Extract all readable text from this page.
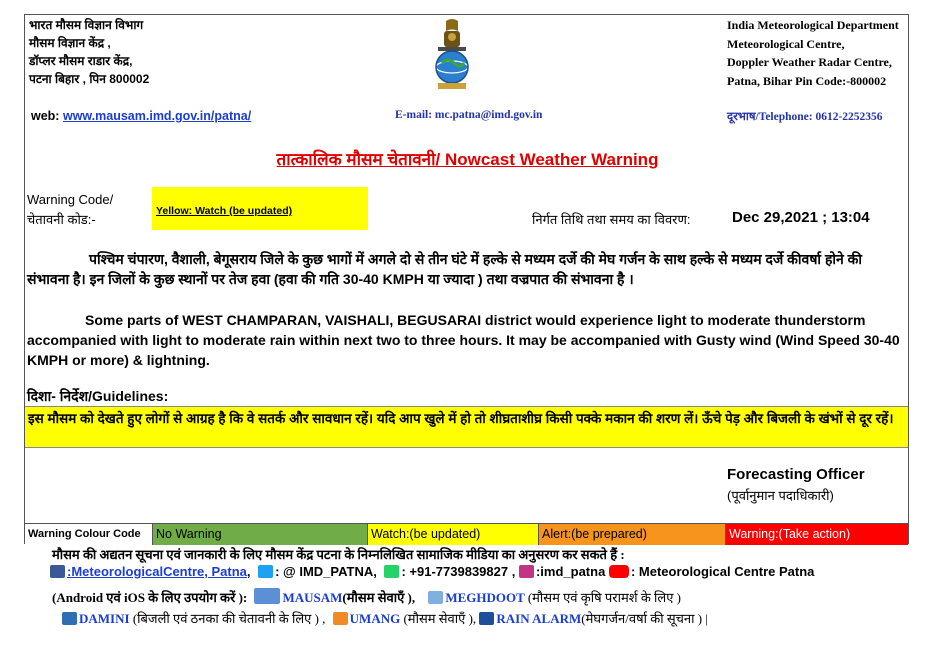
भारत मौसम विज्ञान विभाग
मौसम विज्ञान केंद्र ,
डॉप्लर मौसम राडार केंद्र,
पटना बिहार , पिन 800002
India Meteorological Department
Meteorological Centre,
Doppler Weather Radar Centre,
Patna, Bihar Pin Code:-800002
web: www.mausam.imd.gov.in/patna/	E-mail: mc.patna@imd.gov.in	दूरभाष/Telephone: 0612-2252356
तात्कालिक मौसम चेतावनी/ Nowcast Weather Warning
Warning Code/
चेतावनी कोड:-
Yellow: Watch (be updated)
निर्गत तिथि तथा समय का विवरण:	Dec 29,2021 ; 13:04
पश्चिम चंपारण, वैशाली, बेगूसराय जिले के कुछ भागों में अगले दो से तीन घंटे में हल्के से मध्यम दर्जे की मेघ गर्जन के साथ हल्के से मध्यम दर्जे कीवर्षा होने की संभावना है। इन जिलों के कुछ स्थानों पर तेज हवा (हवा की गति 30-40 KMPH या ज्यादा ) तथा वज्रपात की संभावना है ।
Some parts of WEST CHAMPARAN, VAISHALI, BEGUSARAI district would experience light to moderate thunderstorm accompanied with light to moderate rain within next two to three hours. It may be accompanied with Gusty wind (Wind Speed 30-40 KMPH or more) & lightning.
दिशा- निर्देश/Guidelines:
इस मौसम को देखते हुए लोगों से आग्रह है कि वे सतर्क और सावधान रहें। यदि आप खुले में हो तो शीघ्रताशीघ्र किसी पक्के मकान की शरण लें। ऊँचे पेड़ और बिजली के खंभों से दूर रहें।
Forecasting Officer
(पूर्वानुमान पदाधिकारी)
Warning Colour Code	No Warning	Watch:(be updated)	Alert:(be prepared)	Warning:(Take action)
मौसम की अद्यतन सूचना एवं जानकारी के लिए मौसम केंद्र पटना के निम्नलिखित सामाजिक मीडिया का अनुसरण कर सकते हैं :
:MeteorologicalCentre, Patna, : @ IMD_PATNA, : +91-7739839827 , :imd_patna : Meteorological Centre Patna
(Android एवं iOS के लिए उपयोग करें ):	MAUSAM(मौसम सेवाएँ ), MEGHDOOT (मौसम एवं कृषि परामर्श के लिए )
DAMINI (बिजली एवं ठनका की चेतावनी के लिए ) , UMANG (मौसम सेवाएँ ), RAIN ALARM(मेघगर्जन/वर्षा की सूचना ) |
